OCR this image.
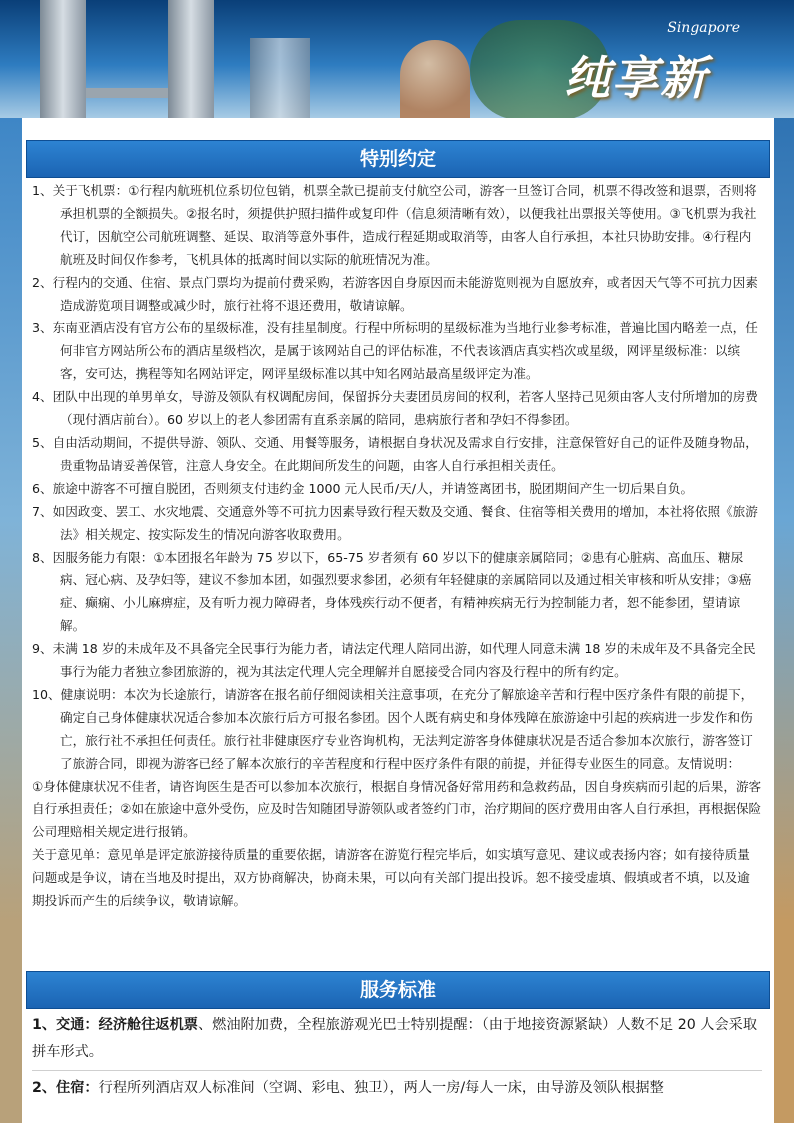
Singapore
纯享新
特别约定

1、关于飞机票：①行程内航班机位系切位包销，机票全款已提前支付航空公司，游客一旦签订合同，机票不得改签和退票，否则将承担机票的全额损失。②报名时，须提供护照扫描件或复印件（信息须清晰有效），以便我社出票报关等使用。③飞机票为我社代订，因航空公司航班调整、延误、取消等意外事件，造成行程延期或取消等，由客人自行承担，本社只协助安排。④行程内航班及时间仅作参考，飞机具体的抵离时间以实际的航班情况为准。

2、行程内的交通、住宿、景点门票均为提前付费采购，若游客因自身原因而未能游览则视为自愿放弃，或者因天气等不可抗力因素造成游览项目调整或减少时，旅行社将不退还费用，敬请谅解。

3、东南亚酒店没有官方公布的星级标准，没有挂星制度。行程中所标明的星级标准为当地行业参考标准，普遍比国内略差一点，任何非官方网站所公布的酒店星级档次，是属于该网站自己的评估标准，不代表该酒店真实档次或星级，网评星级标准：以缤客，安可达，携程等知名网站评定，网评星级标准以其中知名网站最高星级评定为准。

4、团队中出现的单男单女，导游及领队有权调配房间，保留拆分夫妻团员房间的权利，若客人坚持己见须由客人支付所增加的房费（现付酒店前台）。60 岁以上的老人参团需有直系亲属的陪同，患病旅行者和孕妇不得参团。

5、自由活动期间，不提供导游、领队、交通、用餐等服务，请根据自身状况及需求自行安排，注意保管好自己的证件及随身物品，贵重物品请妥善保管，注意人身安全。在此期间所发生的问题，由客人自行承担相关责任。

6、旅途中游客不可擅自脱团，否则须支付违约金 1000 元人民币/天/人，并请签离团书，脱团期间产生一切后果自负。

7、如因政变、罢工、水灾地震、交通意外等不可抗力因素导致行程天数及交通、餐食、住宿等相关费用的增加，本社将依照《旅游法》相关规定、按实际发生的情况向游客收取费用。

8、因服务能力有限：①本团报名年龄为 75 岁以下，65-75 岁者须有 60 岁以下的健康亲属陪同；②患有心脏病、高血压、糖尿病、冠心病、及孕妇等，建议不参加本团，如强烈要求参团，必须有年轻健康的亲属陪同以及通过相关审核和听从安排；③癌症、癫痫、小儿麻痹症，及有听力视力障碍者，身体残疾行动不便者，有精神疾病无行为控制能力者，恕不能参团，望请谅解。

9、未满 18 岁的未成年及不具备完全民事行为能力者，请法定代理人陪同出游，如代理人同意未满 18 岁的未成年及不具备完全民事行为能力者独立参团旅游的，视为其法定代理人完全理解并自愿接受合同内容及行程中的所有约定。

10、健康说明：本次为长途旅行，请游客在报名前仔细阅读相关注意事项，在充分了解旅途辛苦和行程中医疗条件有限的前提下，确定自己身体健康状况适合参加本次旅行后方可报名参团。因个人既有病史和身体残障在旅游途中引起的疾病进一步发作和伤亡，旅行社不承担任何责任。旅行社非健康医疗专业咨询机构，无法判定游客身体健康状况是否适合参加本次旅行，游客签订了旅游合同，即视为游客已经了解本次旅行的辛苦程度和行程中医疗条件有限的前提，并征得专业医生的同意。友情说明：

①身体健康状况不佳者，请咨询医生是否可以参加本次旅行，根据自身情况备好常用药和急救药品，因自身疾病而引起的后果，游客自行承担责任；②如在旅途中意外受伤，应及时告知随团导游领队或者签约门市，治疗期间的医疗费用由客人自行承担，再根据保险公司理赔相关规定进行报销。

关于意见单：意见单是评定旅游接待质量的重要依据，请游客在游览行程完毕后，如实填写意见、建议或表扬内容；如有接待质量问题或是争议，请在当地及时提出，双方协商解决，协商未果，可以向有关部门提出投诉。恕不接受虚填、假填或者不填，以及逾期投诉而产生的后续争议，敬请谅解。

服务标准

1、交通：经济舱往返机票、燃油附加费，全程旅游观光巴士特别提醒：（由于地接资源紧缺）人数不足 20 人会采取拼车形式。

2、住宿：行程所列酒店双人标准间（空调、彩电、独卫），两人一房/每人一床，由导游及领队根据整
